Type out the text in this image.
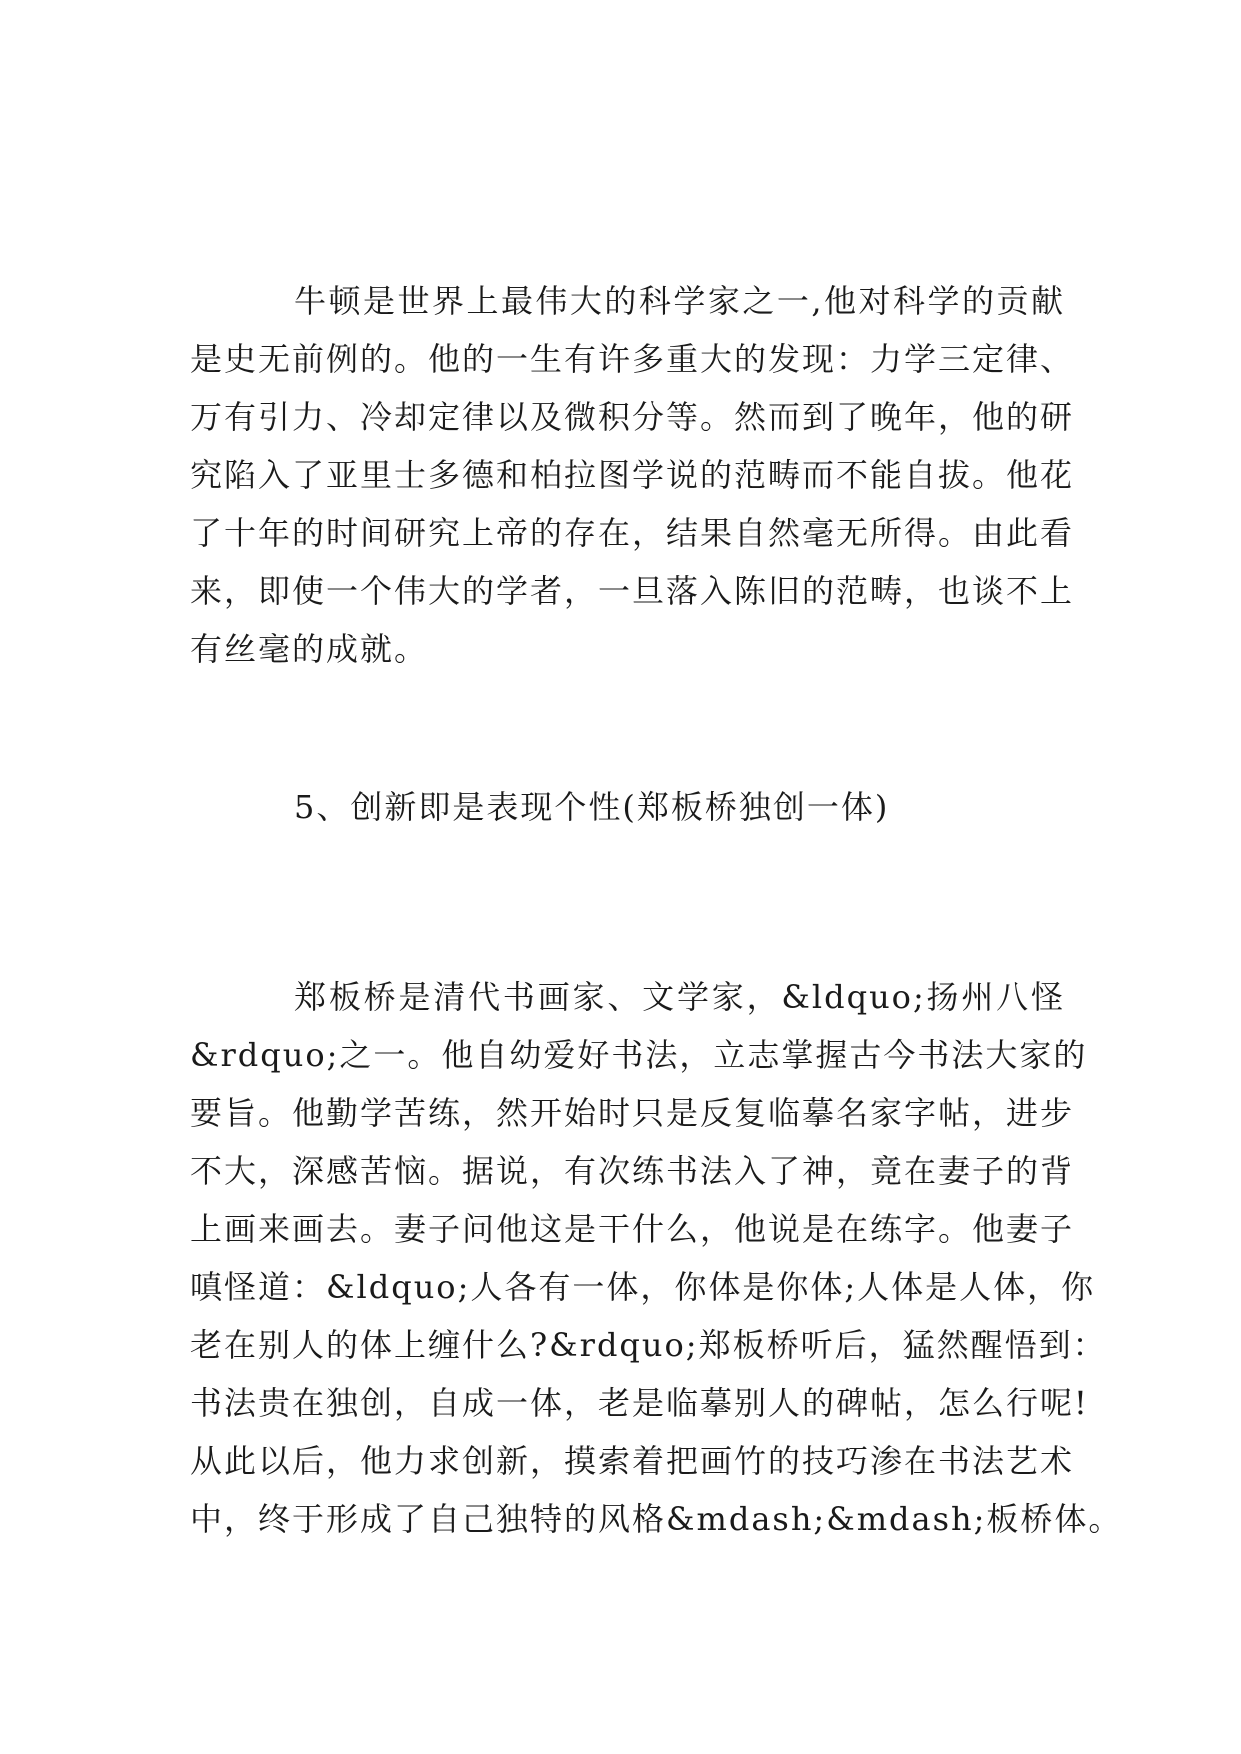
牛顿是世界上最伟大的科学家之一,他对科学的贡献
是史无前例的。他的一生有许多重大的发现：力学三定律、
万有引力、冷却定律以及微积分等。然而到了晚年，他的研
究陷入了亚里士多德和柏拉图学说的范畴而不能自拔。他花
了十年的时间研究上帝的存在，结果自然毫无所得。由此看
来，即使一个伟大的学者，一旦落入陈旧的范畴，也谈不上
有丝毫的成就。
5、创新即是表现个性(郑板桥独创一体)
郑板桥是清代书画家、文学家，&ldquo;扬州八怪
&rdquo;之一。他自幼爱好书法，立志掌握古今书法大家的
要旨。他勤学苦练，然开始时只是反复临摹名家字帖，进步
不大，深感苦恼。据说，有次练书法入了神，竟在妻子的背
上画来画去。妻子问他这是干什么，他说是在练字。他妻子
嗔怪道：&ldquo;人各有一体，你体是你体;人体是人体，你
老在别人的体上缠什么?&rdquo;郑板桥听后，猛然醒悟到：
书法贵在独创，自成一体，老是临摹别人的碑帖，怎么行呢!
从此以后，他力求创新，摸索着把画竹的技巧渗在书法艺术
中，终于形成了自己独特的风格&mdash;&mdash;板桥体。
